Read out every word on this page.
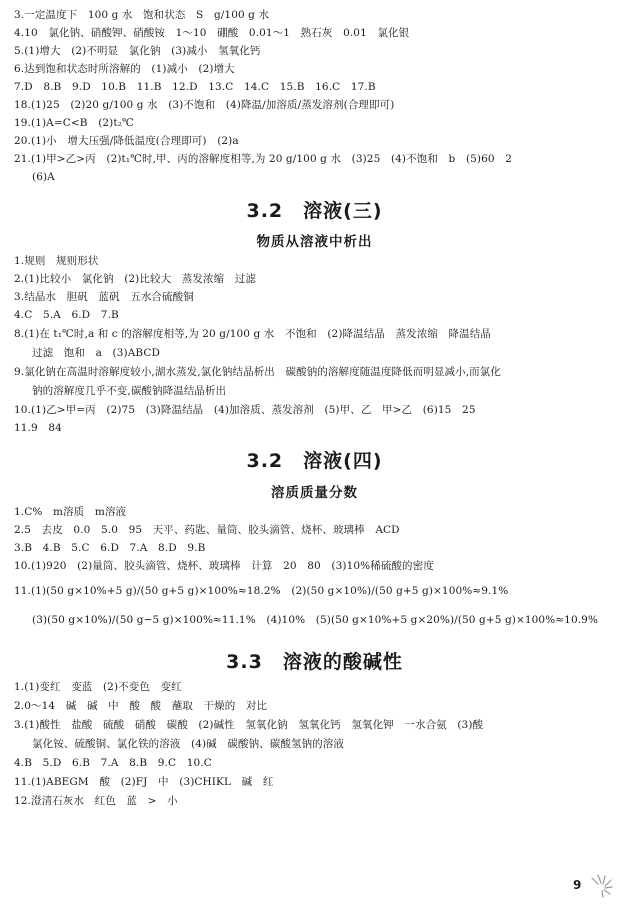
3.一定温度下　100 g 水　饱和状态　S　g/100 g 水
4.10　氯化钠、硝酸钾、硝酸铵　1～10　硼酸　0.01～1　熟石灰　0.01　氯化银
5.(1)增大　(2)不明显　氯化钠　(3)减小　氢氧化钙
6.达到饱和状态时所溶解的　(1)减小　(2)增大
7.D　8.B　9.D　10.B　11.B　12.D　13.C　14.C　15.B　16.C　17.B
18.(1)25　(2)20 g/100 g 水　(3)不饱和　(4)降温/加溶质/蒸发溶剂(合理即可)
19.(1)A=C<B　(2)t₂℃
20.(1)小　增大压强/降低温度(合理即可)　(2)a
21.(1)甲>乙>丙　(2)t₁℃时,甲、丙的溶解度相等,为 20 g/100 g 水　(3)25　(4)不饱和　b　(5)60　2
(6)A
3.2　溶液(三)
物质从溶液中析出
1.规则　规则形状
2.(1)比较小　氯化钠　(2)比较大　蒸发浓缩　过滤
3.结晶水　胆矾　蓝矾　五水合硫酸铜
4.C　5.A　6.D　7.B
8.(1)在 t₁℃时,a 和 c 的溶解度相等,为 20 g/100 g 水　不饱和　(2)降温结晶　蒸发浓缩　降温结晶
过滤　饱和　a　(3)ABCD
9.氯化钠在高温时溶解度较小,湖水蒸发,氯化钠结晶析出　碳酸钠的溶解度随温度降低而明显减小,而氯化
钠的溶解度几乎不变,碳酸钠降温结晶析出
10.(1)乙>甲=丙　(2)75　(3)降温结晶　(4)加溶质、蒸发溶剂　(5)甲、乙　甲>乙　(6)15　25
11.9　84
3.2　溶液(四)
溶质质量分数
1.C%　m溶质　m溶液
2.5　去皮　0.0　5.0　95　天平、药匙、量筒、胶头滴管、烧杯、玻璃棒　ACD
3.B　4.B　5.C　6.D　7.A　8.D　9.B
10.(1)920　(2)量筒、胶头滴管、烧杯、玻璃棒　计算　20　80　(3)10%稀硫酸的密度
11.(1)(50 g×10%+5 g)/(50 g+5 g)×100%≈18.2%　(2)(50 g×10%)/(50 g+5 g)×100%≈9.1%
(3)(50 g×10%)/(50 g−5 g)×100%≈11.1%　(4)10%　(5)(50 g×10%+5 g×20%)/(50 g+5 g)×100%≈10.9%
3.3　溶液的酸碱性
1.(1)变红　变蓝　(2)不变色　变红
2.0～14　碱　碱　中　酸　酸　蘸取　干燥的　对比
3.(1)酸性　盐酸　硫酸　硝酸　碳酸　(2)碱性　氢氧化钠　氢氧化钙　氢氧化钾　一水合氨　(3)酸
氯化铵、硫酸铜、氯化铁的溶液　(4)碱　碳酸钠、碳酸氢钠的溶液
4.B　5.D　6.B　7.A　8.B　9.C　10.C
11.(1)ABEGM　酸　(2)FJ　中　(3)CHIKL　碱　红
12.澄清石灰水　红色　蓝　>　小
9
